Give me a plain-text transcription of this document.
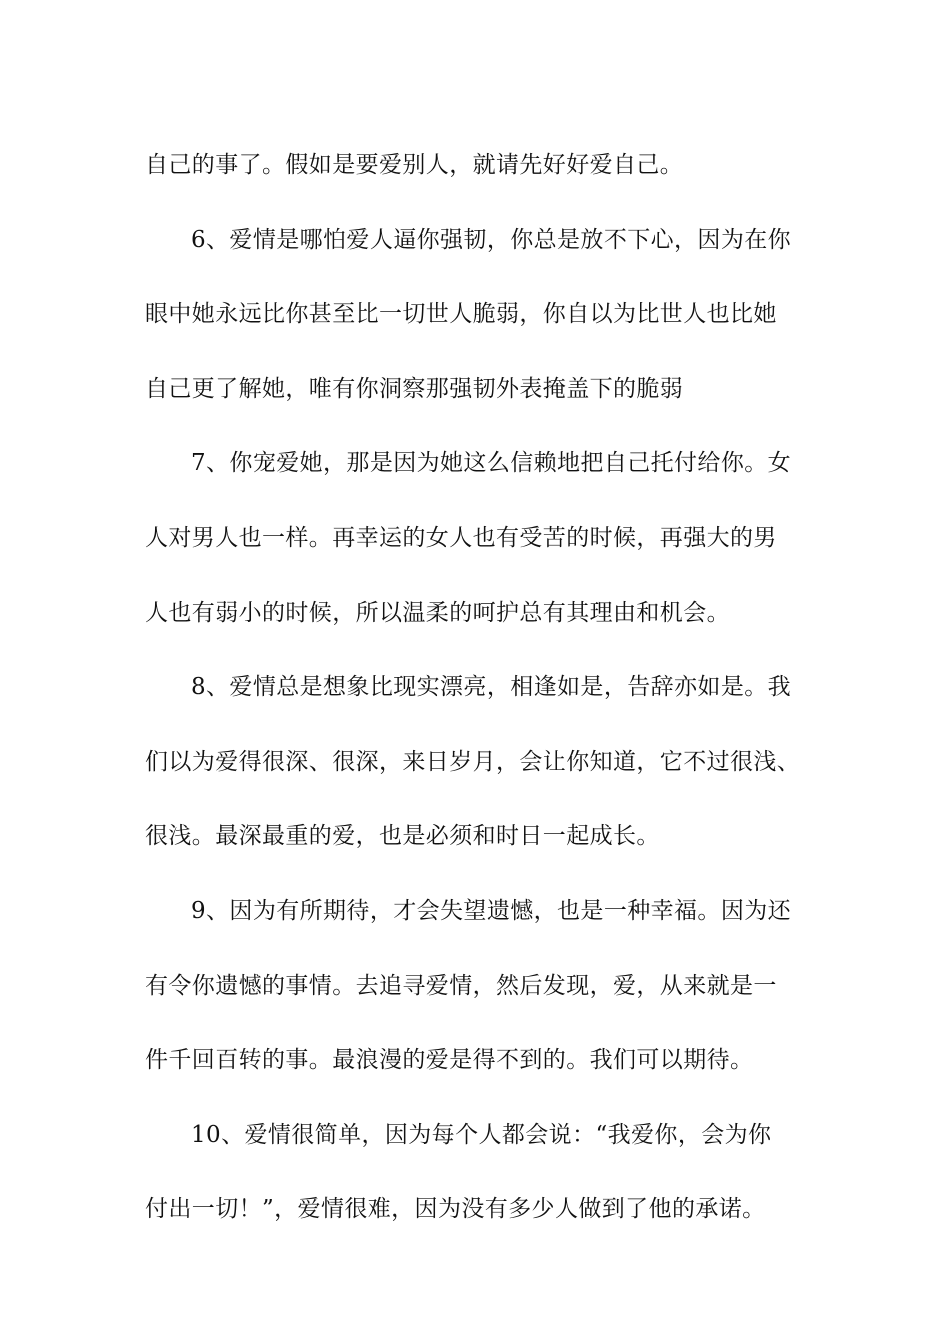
自己的事了。假如是要爱别人，就请先好好爱自己。
6、爱情是哪怕爱人逼你强韧，你总是放不下心，因为在你
眼中她永远比你甚至比一切世人脆弱，你自以为比世人也比她
自己更了解她，唯有你洞察那强韧外表掩盖下的脆弱
7、你宠爱她，那是因为她这么信赖地把自己托付给你。女
人对男人也一样。再幸运的女人也有受苦的时候，再强大的男
人也有弱小的时候，所以温柔的呵护总有其理由和机会。
8、爱情总是想象比现实漂亮，相逢如是，告辞亦如是。我
们以为爱得很深、很深，来日岁月，会让你知道，它不过很浅、
很浅。最深最重的爱，也是必须和时日一起成长。
9、因为有所期待，才会失望遗憾，也是一种幸福。因为还
有令你遗憾的事情。去追寻爱情，然后发现，爱，从来就是一
件千回百转的事。最浪漫的爱是得不到的。我们可以期待。
10、爱情很简单，因为每个人都会说：“我爱你，会为你
付出一切！”，爱情很难，因为没有多少人做到了他的承诺。
